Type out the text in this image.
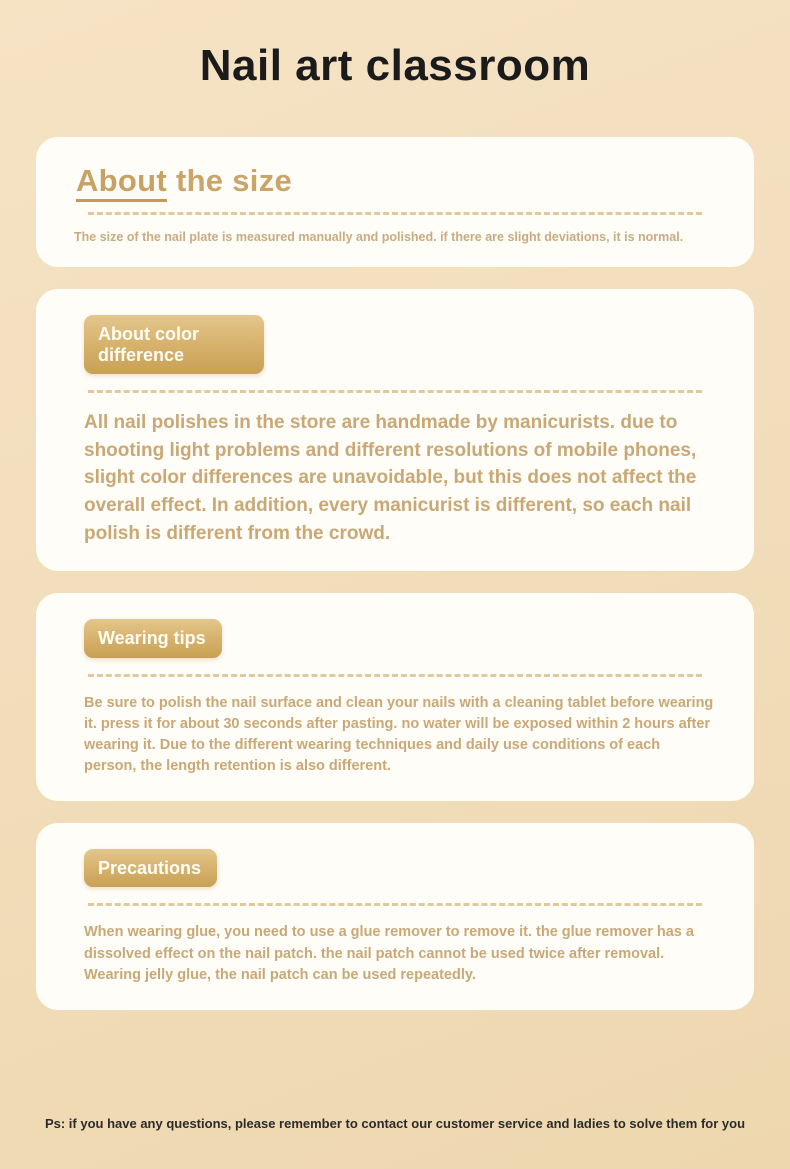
Nail art classroom
About the size
The size of the nail plate is measured manually and polished. if there are slight deviations, it is normal.
About color difference
All nail polishes in the store are handmade by manicurists. due to shooting light problems and different resolutions of mobile phones, slight color differences are unavoidable, but this does not affect the overall effect. In addition, every manicurist is different, so each nail polish is different from the crowd.
Wearing tips
Be sure to polish the nail surface and clean your nails with a cleaning tablet before wearing it. press it for about 30 seconds after pasting. no water will be exposed within 2 hours after wearing it. Due to the different wearing techniques and daily use conditions of each person, the length retention is also different.
Precautions
When wearing glue, you need to use a glue remover to remove it. the glue remover has a dissolved effect on the nail patch. the nail patch cannot be used twice after removal. Wearing jelly glue, the nail patch can be used repeatedly.
Ps: if you have any questions, please remember to contact our customer service and ladies to solve them for you
